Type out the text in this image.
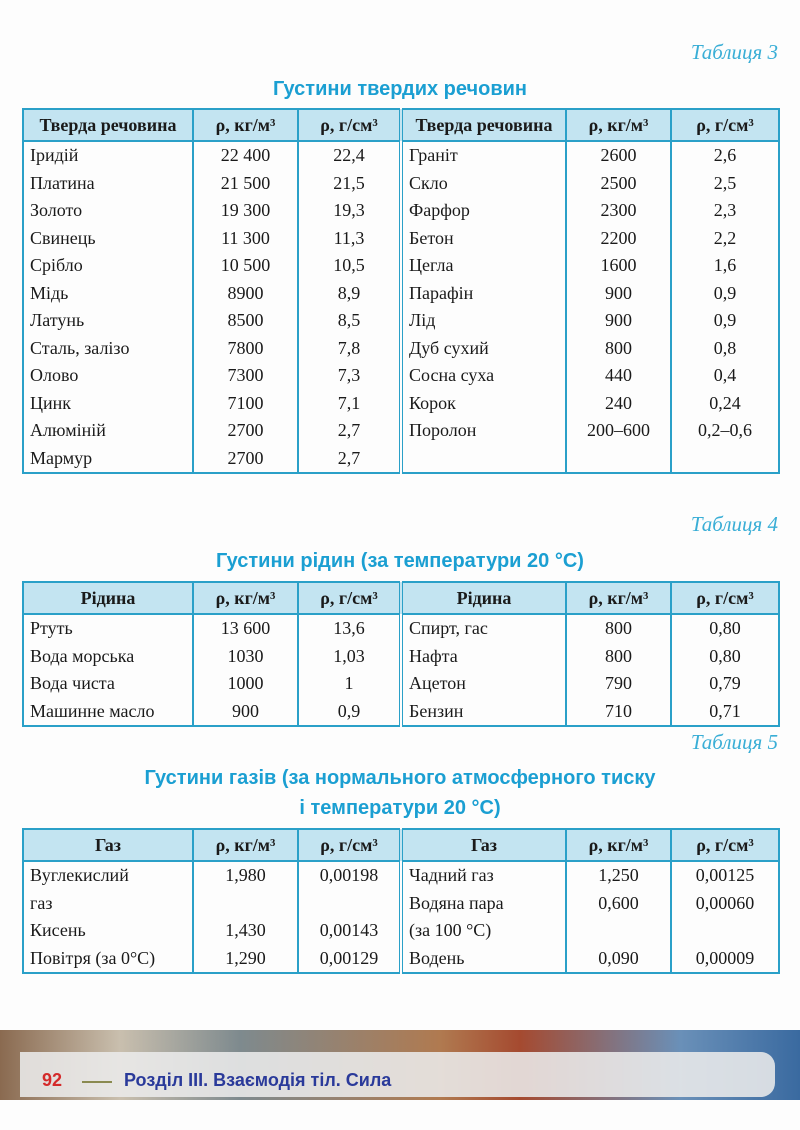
Таблиця 3
Густини твердих речовин
Тверда речовина	ρ, кг/м³	ρ, г/см³	Тверда речовина	ρ, кг/м³	ρ, г/см³
Іридій	22 400	22,4	Граніт	2600	2,6
Платина	21 500	21,5	Скло	2500	2,5
Золото	19 300	19,3	Фарфор	2300	2,3
Свинець	11 300	11,3	Бетон	2200	2,2
Срібло	10 500	10,5	Цегла	1600	1,6
Мідь	8900	8,9	Парафін	900	0,9
Латунь	8500	8,5	Лід	900	0,9
Сталь, залізо	7800	7,8	Дуб сухий	800	0,8
Олово	7300	7,3	Сосна суха	440	0,4
Цинк	7100	7,1	Корок	240	0,24
Алюміній	2700	2,7	Поролон	200–600	0,2–0,6
Мармур	2700	2,7			
Таблиця 4
Густини рідин (за температури 20 °С)
Рідина	ρ, кг/м³	ρ, г/см³	Рідина	ρ, кг/м³	ρ, г/см³
Ртуть	13 600	13,6	Спирт, гас	800	0,80
Вода морська	1030	1,03	Нафта	800	0,80
Вода чиста	1000	1	Ацетон	790	0,79
Машинне масло	900	0,9	Бензин	710	0,71
Таблиця 5
Густини газів (за нормального атмосферного тиску
і температури 20 °С)
Газ	ρ, кг/м³	ρ, г/см³	Газ	ρ, кг/м³	ρ, г/см³
Вуглекислий	1,980	0,00198	Чадний газ	1,250	0,00125
газ			Водяна пара	0,600	0,00060
Кисень	1,430	0,00143	(за 100 °С)		
Повітря (за 0°С)	1,290	0,00129	Водень	0,090	0,00009
92	Розділ ІІІ. Взаємодія тіл. Сила
